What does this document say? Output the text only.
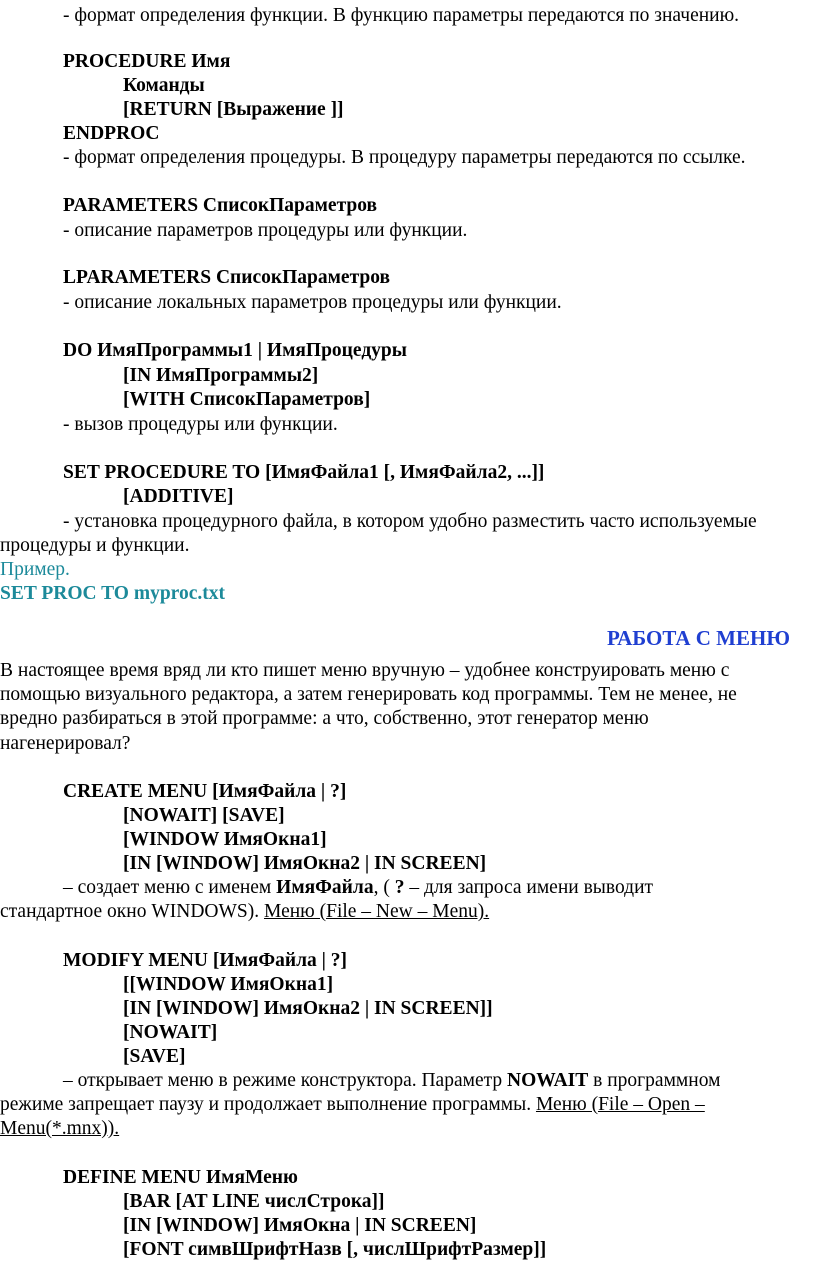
- формат определения функции. В функцию параметры передаются по значению.
PROCEDURE Имя
Команды
[RETURN [Выражение ]]
ENDPROC
- формат определения процедуры. В процедуру параметры передаются по ссылке.
PARAMETERS СписокПараметров
- описание параметров процедуры или функции.
LPARAMETERS СписокПараметров
- описание локальных параметров процедуры или функции.
DO ИмяПрограммы1 | ИмяПроцедуры
[IN ИмяПрограммы2]
[WITH СписокПараметров]
- вызов процедуры или функции.
SET PROCEDURE TO [ИмяФайла1 [, ИмяФайла2, ...]]
[ADDITIVE]
- установка процедурного файла, в котором удобно разместить часто используемые
процедуры и функции.
Пример.
SET PROC TO myproc.txt
РАБОТА С МЕНЮ
В настоящее время вряд ли кто пишет меню вручную – удобнее конструировать меню с
помощью визуального редактора, а затем генерировать код программы. Тем не менее, не
вредно разбираться в этой программе: а что, собственно, этот генератор меню
нагенерировал?
CREATE MENU [ИмяФайла | ?]
[NOWAIT] [SAVE]
[WINDOW ИмяОкна1]
[IN [WINDOW] ИмяОкна2 | IN SCREEN]
– создает меню с именем ИмяФайла, ( ? – для запроса имени выводит
стандартное окно WINDOWS). Меню (File – New – Menu).
MODIFY MENU [ИмяФайла | ?]
[[WINDOW ИмяОкна1]
[IN [WINDOW] ИмяОкна2 | IN SCREEN]]
[NOWAIT]
[SAVE]
– открывает меню в режиме конструктора. Параметр NOWAIT в программном
режиме запрещает паузу и продолжает выполнение программы. Меню (File – Open –
Menu(*.mnx)).
DEFINE MENU ИмяМеню
[BAR [AT LINE числСтрока]]
[IN [WINDOW] ИмяОкна | IN SCREEN]
[FONT симвШрифтНазв [, числШрифтРазмер]]
